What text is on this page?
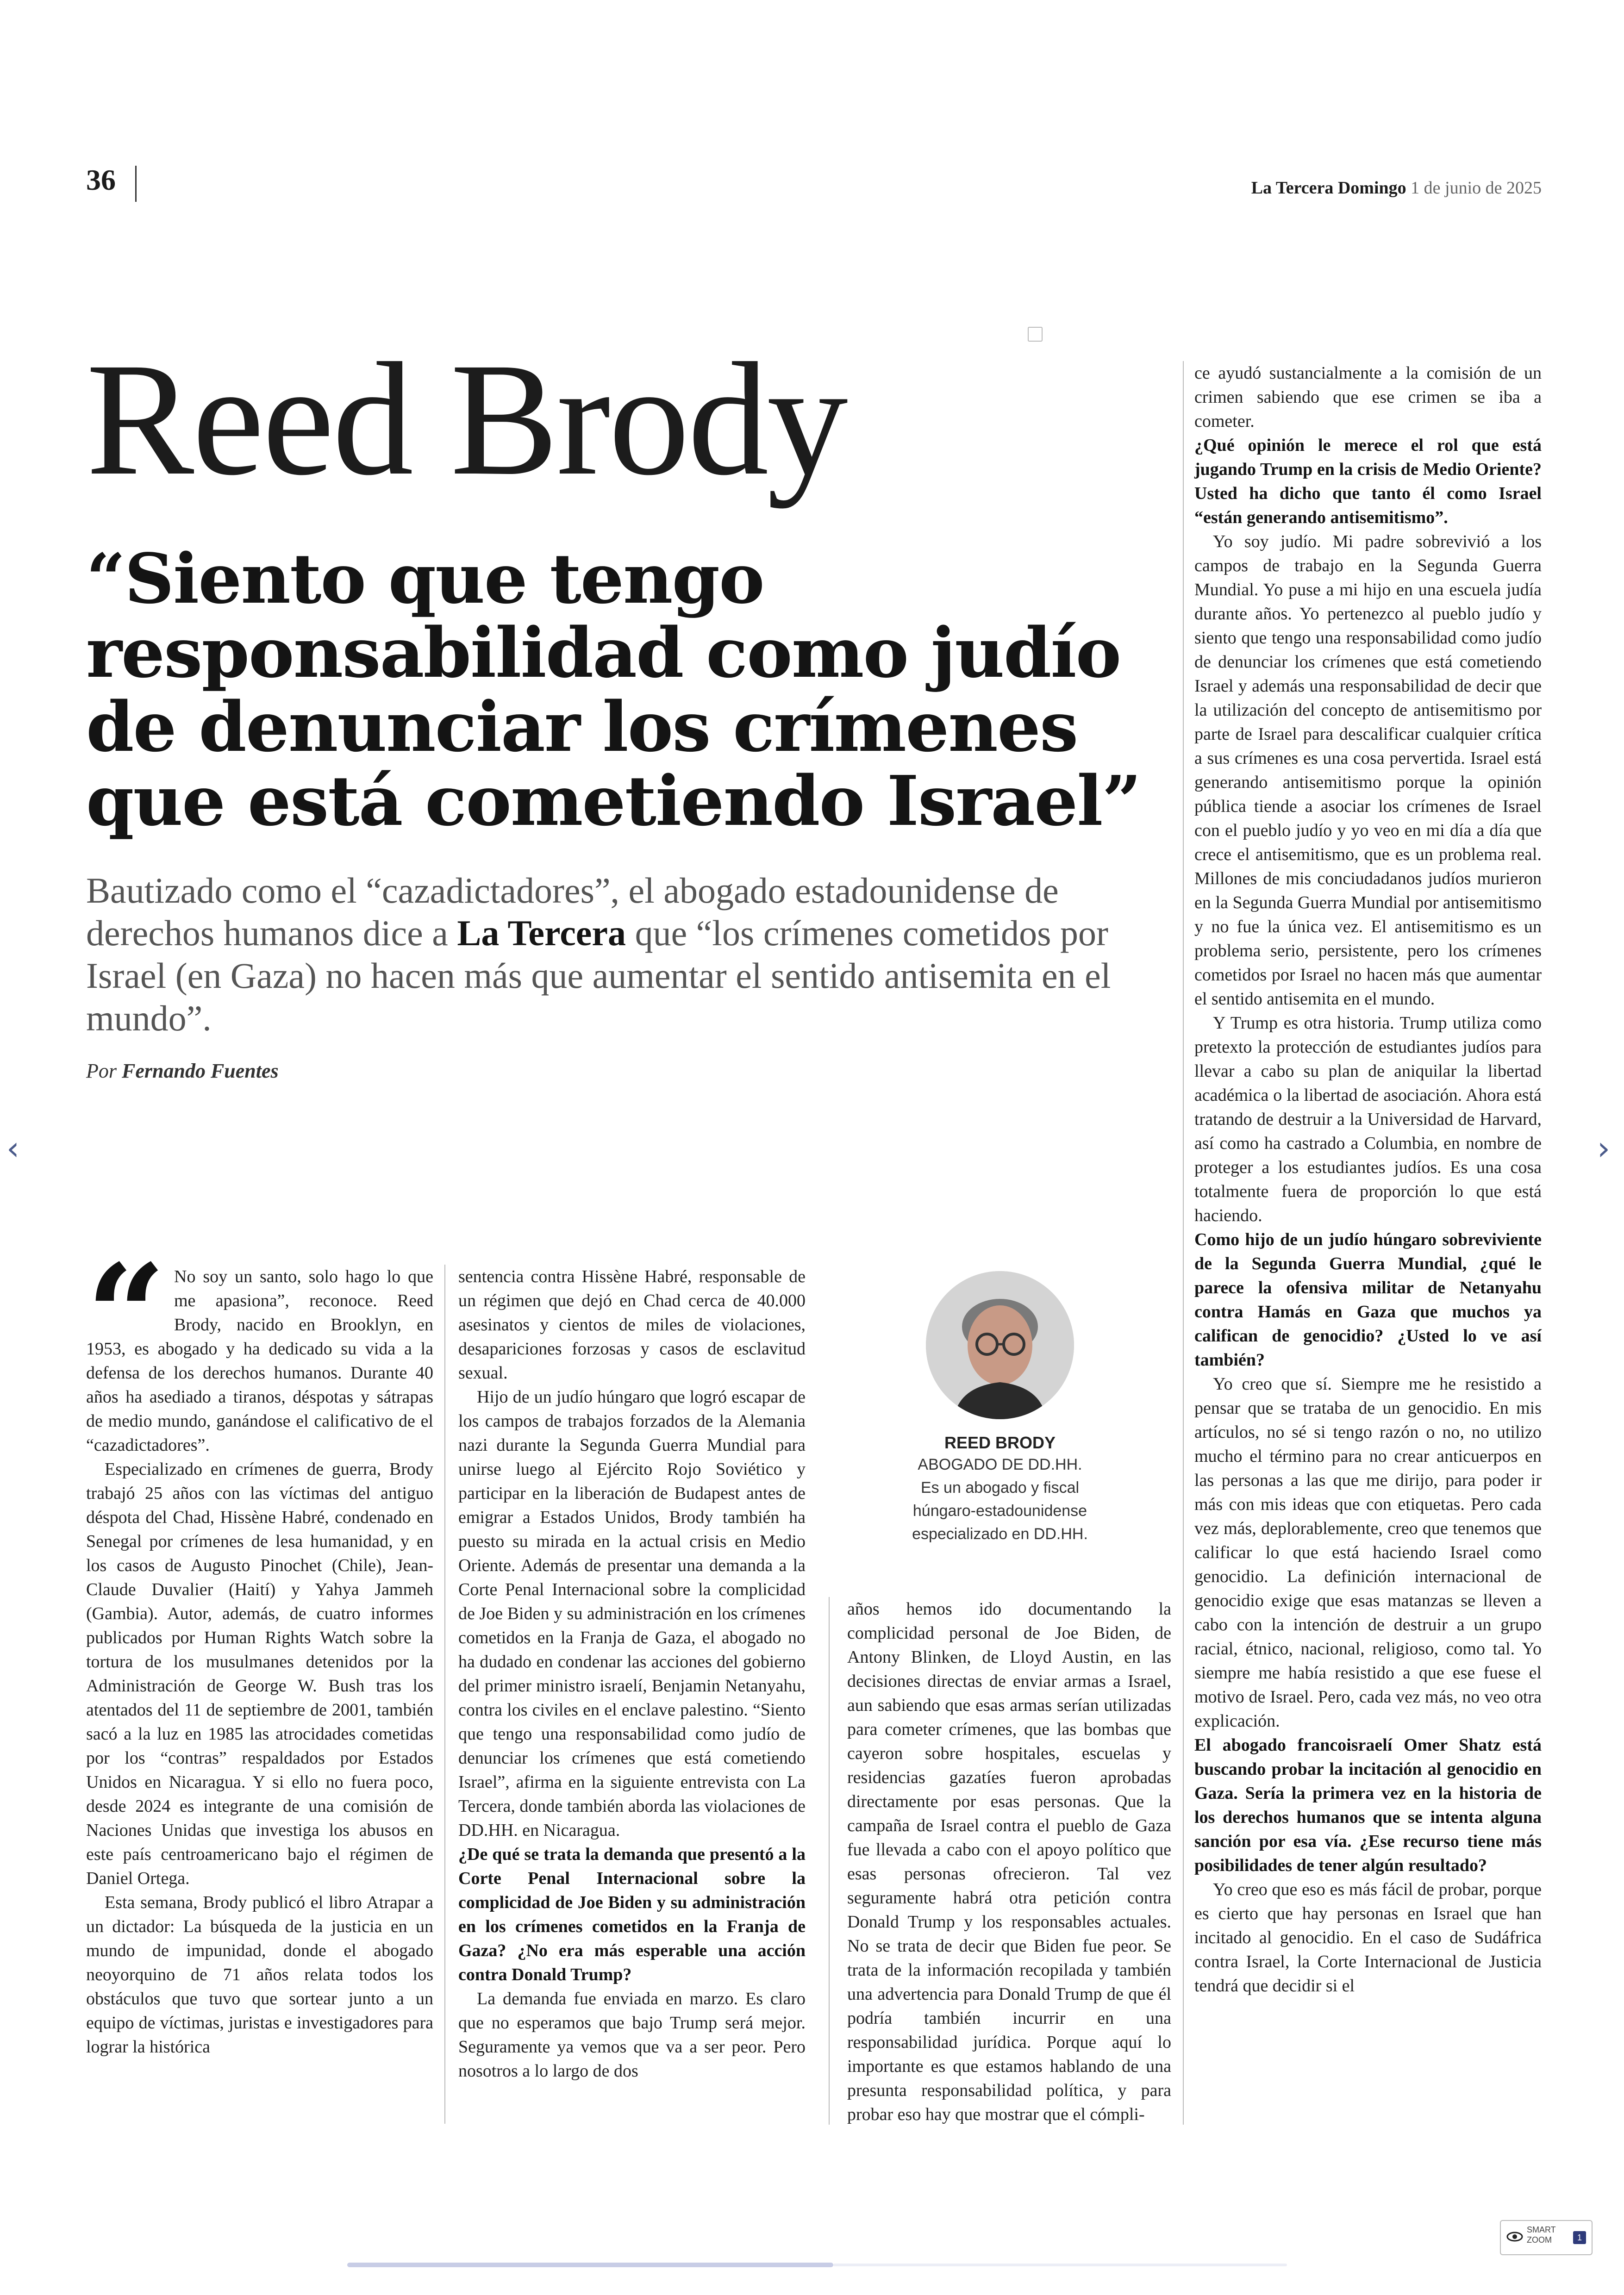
36	La Tercera Domingo 1 de junio de 2025
Reed Brody
“Siento que tengo responsabilidad como judío de denunciar los crímenes que está cometiendo Israel”
Bautizado como el “cazadictadores”, el abogado estadounidense de derechos humanos dice a La Tercera que “los crímenes cometidos por Israel (en Gaza) no hacen más que aumentar el sentido antisemita en el mundo”.
Por Fernando Fuentes
“ No soy un santo, solo hago lo que me apasiona”, reconoce. Reed Brody, nacido en Brooklyn, en 1953, es abogado y ha dedicado su vida a la defensa de los derechos humanos. Durante 40 años ha asediado a tiranos, déspotas y sátrapas de medio mundo, ganándose el calificativo de el “cazadictadores”.

Especializado en crímenes de guerra, Brody trabajó 25 años con las víctimas del antiguo déspota del Chad, Hissène Habré, condenado en Senegal por crímenes de lesa humanidad, y en los casos de Augusto Pinochet (Chile), Jean-Claude Duvalier (Haití) y Yahya Jammeh (Gambia). Autor, además, de cuatro informes publicados por Human Rights Watch sobre la tortura de los musulmanes detenidos por la Administración de George W. Bush tras los atentados del 11 de septiembre de 2001, también sacó a la luz en 1985 las atrocidades cometidas por los “contras” respaldados por Estados Unidos en Nicaragua. Y si ello no fuera poco, desde 2024 es integrante de una comisión de Naciones Unidas que investiga los abusos en este país centroamericano bajo el régimen de Daniel Ortega.

Esta semana, Brody publicó el libro Atrapar a un dictador: La búsqueda de la justicia en un mundo de impunidad, donde el abogado neoyorquino de 71 años relata todos los obstáculos que tuvo que sortear junto a un equipo de víctimas, juristas e investigadores para lograr la histórica

sentencia contra Hissène Habré, responsable de un régimen que dejó en Chad cerca de 40.000 asesinatos y cientos de miles de violaciones, desapariciones forzosas y casos de esclavitud sexual.

Hijo de un judío húngaro que logró escapar de los campos de trabajos forzados de la Alemania nazi durante la Segunda Guerra Mundial para unirse luego al Ejército Rojo Soviético y participar en la liberación de Budapest antes de emigrar a Estados Unidos, Brody también ha puesto su mirada en la actual crisis en Medio Oriente. Además de presentar una demanda a la Corte Penal Internacional sobre la complicidad de Joe Biden y su administración en los crímenes cometidos en la Franja de Gaza, el abogado no ha dudado en condenar las acciones del gobierno del primer ministro israelí, Benjamin Netanyahu, contra los civiles en el enclave palestino. “Siento que tengo una responsabilidad como judío de denunciar los crímenes que está cometiendo Israel”, afirma en la siguiente entrevista con La Tercera, donde también aborda las violaciones de DD.HH. en Nicaragua.

¿De qué se trata la demanda que presentó a la Corte Penal Internacional sobre la complicidad de Joe Biden y su administración en los crímenes cometidos en la Franja de Gaza? ¿No era más esperable una acción contra Donald Trump?

La demanda fue enviada en marzo. Es claro que no esperamos que bajo Trump será mejor. Seguramente ya vemos que va a ser peor. Pero nosotros a lo largo de dos

REED BRODY
ABOGADO DE DD.HH.
Es un abogado y fiscal
húngaro-estadounidense
especializado en DD.HH.

años hemos ido documentando la complicidad personal de Joe Biden, de Antony Blinken, de Lloyd Austin, en las decisiones directas de enviar armas a Israel, aun sabiendo que esas armas serían utilizadas para cometer crímenes, que las bombas que cayeron sobre hospitales, escuelas y residencias gazatíes fueron aprobadas directamente por esas personas. Que la campaña de Israel contra el pueblo de Gaza fue llevada a cabo con el apoyo político que esas personas ofrecieron. Tal vez seguramente habrá otra petición contra Donald Trump y los responsables actuales. No se trata de decir que Biden fue peor. Se trata de la información recopilada y también una advertencia para Donald Trump de que él podría también incurrir en una responsabilidad jurídica. Porque aquí lo importante es que estamos hablando de una presunta responsabilidad política, y para probar eso hay que mostrar que el cómpli-

ce ayudó sustancialmente a la comisión de un crimen sabiendo que ese crimen se iba a cometer.

¿Qué opinión le merece el rol que está jugando Trump en la crisis de Medio Oriente? Usted ha dicho que tanto él como Israel “están generando antisemitismo”.

Yo soy judío. Mi padre sobrevivió a los campos de trabajo en la Segunda Guerra Mundial. Yo puse a mi hijo en una escuela judía durante años. Yo pertenezco al pueblo judío y siento que tengo una responsabilidad como judío de denunciar los crímenes que está cometiendo Israel y además una responsabilidad de decir que la utilización del concepto de antisemitismo por parte de Israel para descalificar cualquier crítica a sus crímenes es una cosa pervertida. Israel está generando antisemitismo porque la opinión pública tiende a asociar los crímenes de Israel con el pueblo judío y yo veo en mi día a día que crece el antisemitismo, que es un problema real. Millones de mis conciudadanos judíos murieron en la Segunda Guerra Mundial por antisemitismo y no fue la única vez. El antisemitismo es un problema serio, persistente, pero los crímenes cometidos por Israel no hacen más que aumentar el sentido antisemita en el mundo.

Y Trump es otra historia. Trump utiliza como pretexto la protección de estudiantes judíos para llevar a cabo su plan de aniquilar la libertad académica o la libertad de asociación. Ahora está tratando de destruir a la Universidad de Harvard, así como ha castrado a Columbia, en nombre de proteger a los estudiantes judíos. Es una cosa totalmente fuera de proporción lo que está haciendo.

Como hijo de un judío húngaro sobreviviente de la Segunda Guerra Mundial, ¿qué le parece la ofensiva militar de Netanyahu contra Hamás en Gaza que muchos ya califican de genocidio? ¿Usted lo ve así también?

Yo creo que sí. Siempre me he resistido a pensar que se trataba de un genocidio. En mis artículos, no sé si tengo razón o no, no utilizo mucho el término para no crear anticuerpos en las personas a las que me dirijo, para poder ir más con mis ideas que con etiquetas. Pero cada vez más, deplorablemente, creo que tenemos que calificar lo que está haciendo Israel como genocidio. La definición internacional de genocidio exige que esas matanzas se lleven a cabo con la intención de destruir a un grupo racial, étnico, nacional, religioso, como tal. Yo siempre me había resistido a que ese fuese el motivo de Israel. Pero, cada vez más, no veo otra explicación.

El abogado francoisraelí Omer Shatz está buscando probar la incitación al genocidio en Gaza. Sería la primera vez en la historia de los derechos humanos que se intenta alguna sanción por esa vía. ¿Ese recurso tiene más posibilidades de tener algún resultado?

Yo creo que eso es más fácil de probar, porque es cierto que hay personas en Israel que han incitado al genocidio. En el caso de Sudáfrica contra Israel, la Corte Internacional de Justicia tendrá que decidir si el

‹	›
SMART
ZOOM	1
